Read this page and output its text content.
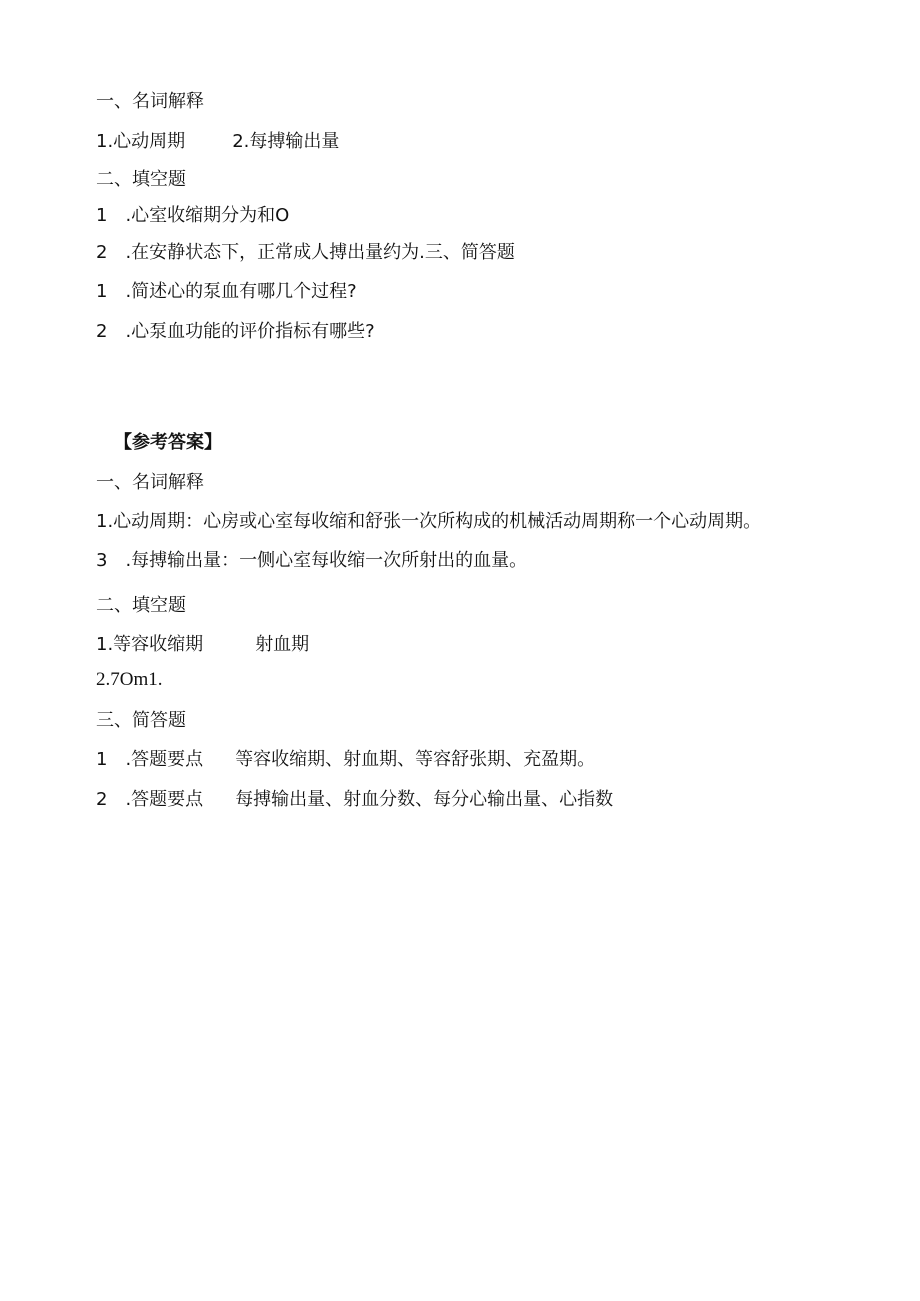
一、名词解释
1.心动周期	2.每搏输出量
二、填空题
1 .心室收缩期分为和O
2 .在安静状态下，正常成人搏出量约为.三、简答题
1 .简述心的泵血有哪几个过程?
2 .心泵血功能的评价指标有哪些?
【参考答案】
一、名词解释
1.心动周期：心房或心室每收缩和舒张一次所构成的机械活动周期称一个心动周期。
3 .每搏输出量：一侧心室每收缩一次所射出的血量。
二、填空题
1.等容收缩期	射血期
2.7Om1.
三、简答题
1 .答题要点 等容收缩期、射血期、等容舒张期、充盈期。
2 .答题要点 每搏输出量、射血分数、每分心输出量、心指数
